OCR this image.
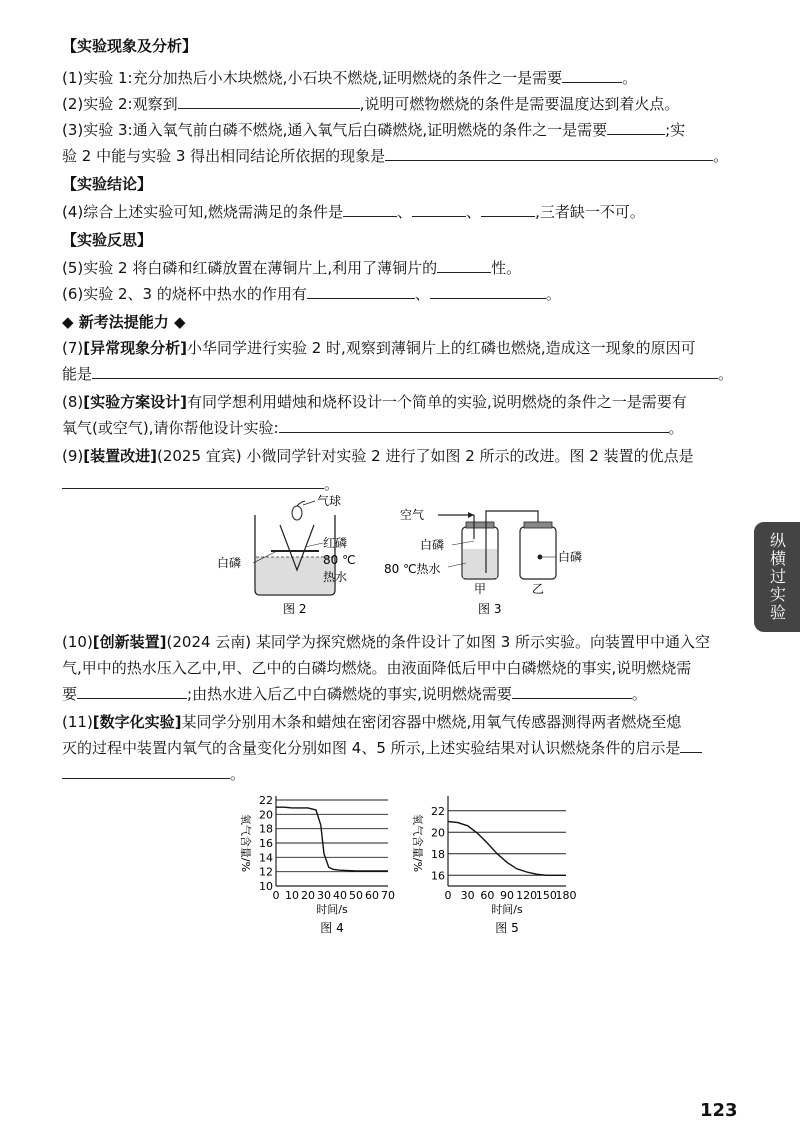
【实验现象及分析】
(1)实验 1:充分加热后小木块燃烧,小石块不燃烧,证明燃烧的条件之一是需要	。
(2)实验 2:观察到	,说明可燃物燃烧的条件是需要温度达到着火点。
(3)实验 3:通入氧气前白磷不燃烧,通入氧气后白磷燃烧,证明燃烧的条件之一是需要	;实
验 2 中能与实验 3 得出相同结论所依据的现象是	。
【实验结论】
(4)综合上述实验可知,燃烧需满足的条件是	、	、	,三者缺一不可。
【实验反思】
(5)实验 2 将白磷和红磷放置在薄铜片上,利用了薄铜片的	性。
(6)实验 2、3 的烧杯中热水的作用有	、	。
◆ 新考法提能力 ◆
(7)[异常现象分析]小华同学进行实验 2 时,观察到薄铜片上的红磷也燃烧,造成这一现象的原因可
能是	。
(8)[实验方案设计]有同学想利用蜡烛和烧杯设计一个简单的实验,说明燃烧的条件之一是需要有
氧气(或空气),请你帮他设计实验:	。
(9)[装置改进](2025 宜宾) 小微同学针对实验 2 进行了如图 2 所示的改进。图 2 装置的优点是
。
气球
红磷
80 ℃
热水
白磷
图 2
空气
白磷
白磷
80 ℃热水
甲	乙
图 3
(10)[创新装置](2024 云南) 某同学为探究燃烧的条件设计了如图 3 所示实验。向装置甲中通入空
气,甲中的热水压入乙中,甲、乙中的白磷均燃烧。由液面降低后甲中白磷燃烧的事实,说明燃烧需
要	;由热水进入后乙中白磷燃烧的事实,说明燃烧需要	。
(11)[数字化实验]某同学分别用木条和蜡烛在密闭容器中燃烧,用氧气传感器测得两者燃烧至熄
灭的过程中装置内氧气的含量变化分别如图 4、5 所示,上述实验结果对认识燃烧条件的启示是
。
10
12
14
16
18
20
22
0 10 20 30 40 50 60 70
氧气含量/%
时间/s
图 4
16
18
20
22
0 30 60 90 120
150
180
氧气含量/%
时间/s
图 5
纵横过实验
123
